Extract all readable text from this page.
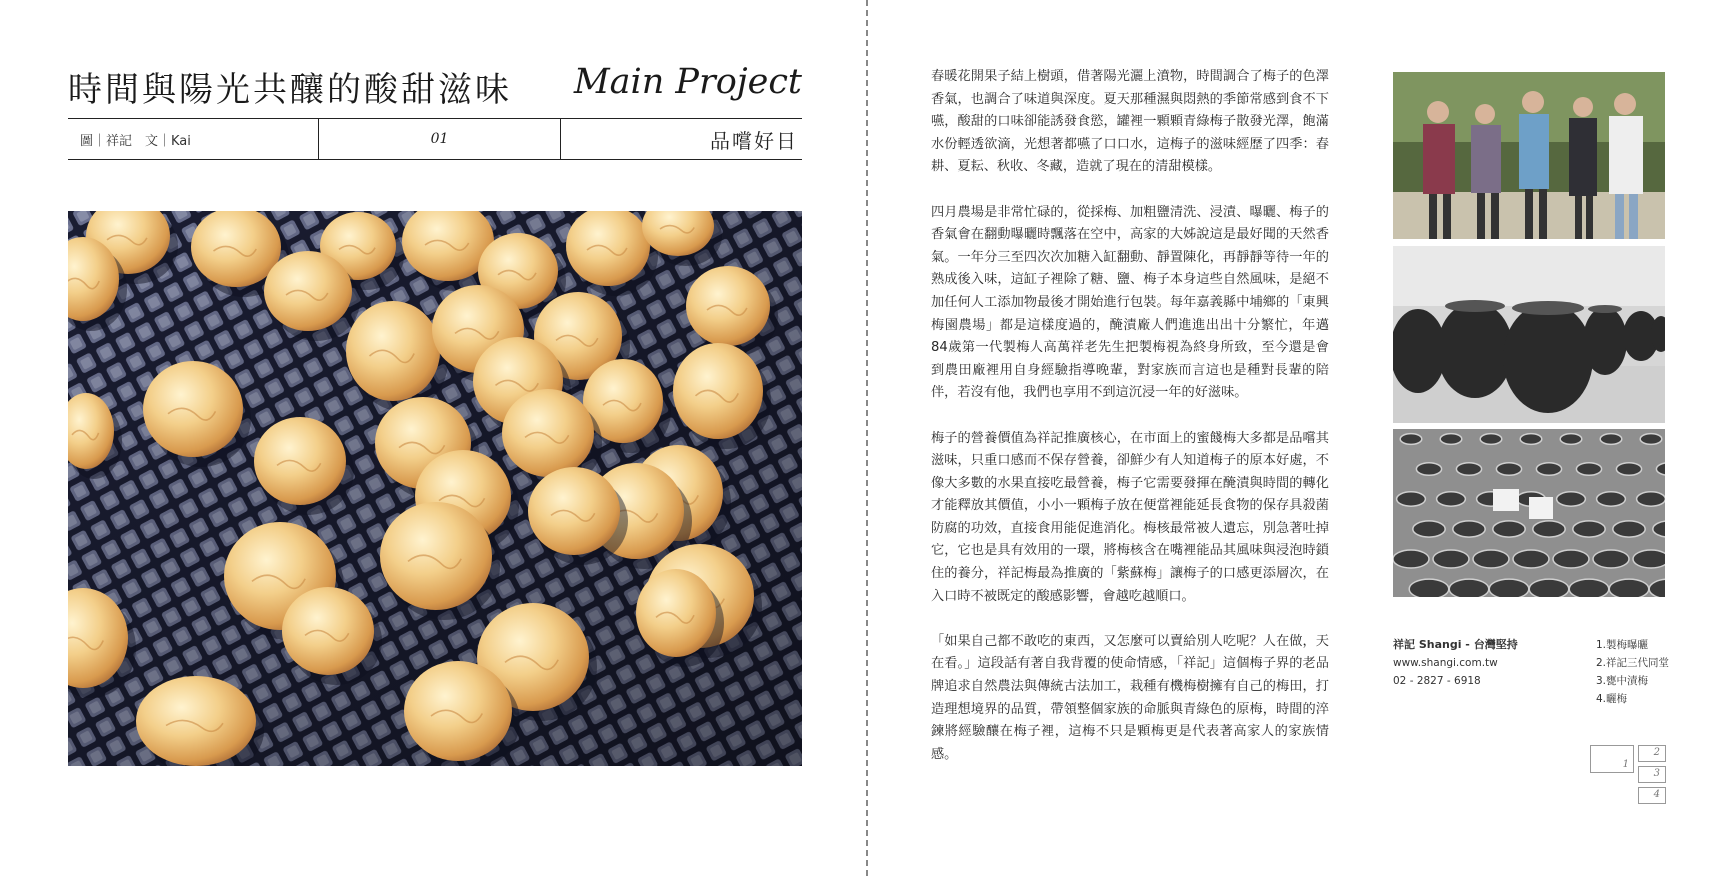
時間與陽光共釀的酸甜滋味 Main Project
圖｜祥記　文｜Kai	01	品嚐好日

春暖花開果子結上樹頭，借著陽光灑上濆物，時間調合了梅子的色澤香氣，也調合了味道與深度。夏天那種濕與悶熱的季節常感到食不下嚥，酸甜的口味卻能誘發食慾，罐裡一顆顆青綠梅子散發光澤，飽滿水份輕透欲滴，光想著都嚥了口口水，這梅子的滋味經歷了四季：春耕、夏耘、秋收、冬藏，造就了現在的清甜模樣。

四月農場是非常忙碌的，從採梅、加粗鹽清洗、浸漬、曝曬、梅子的香氣會在翻動曝曬時飄落在空中，高家的大姊說這是最好聞的天然香氣。一年分三至四次次加糖入缸翻動、靜置陳化，再靜靜等待一年的熟成後入味，這缸子裡除了糖、鹽、梅子本身這些自然風味，是絕不加任何人工添加物最後才開始進行包裝。每年嘉義縣中埔鄉的「東興梅園農場」都是這樣度過的，醃漬廠人們進進出出十分繁忙，年邁84歲第一代製梅人高萬祥老先生把製梅視為終身所致，至今還是會到農田廠裡用自身經驗指導晚輩，對家族而言這也是種對長輩的陪伴，若沒有他，我們也享用不到這沉浸一年的好滋味。

梅子的營養價值為祥記推廣核心，在市面上的蜜餞梅大多都是品嚐其滋味，只重口感而不保存營養，卻鮮少有人知道梅子的原本好處，不像大多數的水果直接吃最營養，梅子它需要發揮在醃漬與時間的轉化才能釋放其價值，小小一顆梅子放在便當裡能延長食物的保存具殺菌防腐的功效，直接食用能促進消化。梅核最常被人遺忘，別急著吐掉它，它也是具有效用的一環，將梅核含在嘴裡能品其風味與浸泡時鎖住的養分，祥記梅最為推廣的「紫蘇梅」讓梅子的口感更添層次，在入口時不被既定的酸感影響，會越吃越順口。

「如果自己都不敢吃的東西，又怎麼可以賣給別人吃呢？人在做，天在看。」這段話有著自我背覆的使命情感，「祥記」這個梅子界的老品牌追求自然農法與傳統古法加工，栽種有機梅樹擁有自己的梅田，打造理想境界的品質，帶領整個家族的命脈與青綠色的原梅，時間的淬鍊將經驗釀在梅子裡，這梅不只是顆梅更是代表著高家人的家族情感。

祥記 Shangi - 台灣堅持
www.shangi.com.tw
02 - 2827 - 6918
1.製梅曝曬
2.祥記三代同堂
3.甕中漬梅
4.曬梅
1
2
3
4
